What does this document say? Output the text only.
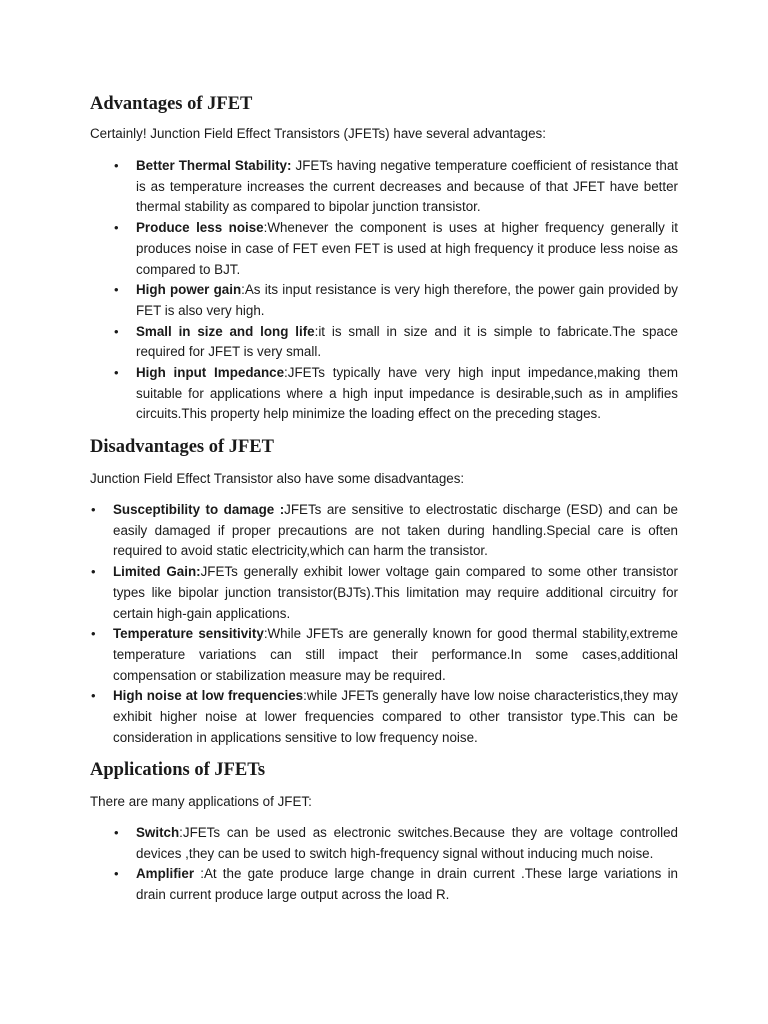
Advantages of JFET

Certainly! Junction Field Effect Transistors (JFETs) have several advantages:

• Better Thermal Stability: JFETs having negative temperature coefficient of resistance that is as temperature increases the current decreases and because of that JFET have better thermal stability as compared to bipolar junction transistor.
• Produce less noise:Whenever the component is uses at higher frequency generally it produces noise in case of FET even FET is used at high frequency it produce less noise as compared to BJT.
• High power gain:As its input resistance is very high therefore, the power gain provided by FET is also very high.
• Small in size and long life:it is small in size and it is simple to fabricate.The space required for JFET is very small.
• High input Impedance:JFETs typically have very high input impedance,making them suitable for applications where a high input impedance is desirable,such as in amplifies circuits.This property help minimize the loading effect on the preceding stages.
Disadvantages of JFET

Junction Field Effect Transistor also have some disadvantages:

• Susceptibility to damage :JFETs are sensitive to electrostatic discharge (ESD) and can be easily damaged if proper precautions are not taken during handling.Special care is often required to avoid static electricity,which can harm the transistor.
• Limited Gain:JFETs generally exhibit lower voltage gain compared to some other transistor types like bipolar junction transistor(BJTs).This limitation may require additional circuitry for certain high-gain applications.
• Temperature sensitivity:While JFETs are generally known for good thermal stability,extreme temperature variations can still impact their performance.In some cases,additional compensation or stabilization measure may be required.
• High noise at low frequencies:while JFETs generally have low noise characteristics,they may exhibit higher noise at lower frequencies compared to other transistor type.This can be consideration in applications sensitive to low frequency noise.
Applications of JFETs

There are many applications of JFET:

• Switch:JFETs can be used as electronic switches.Because they are voltage controlled devices ,they can be used to switch high-frequency signal without inducing much noise.
• Amplifier :At the gate produce large change in drain current .These large variations in drain current produce large output across the load R.
